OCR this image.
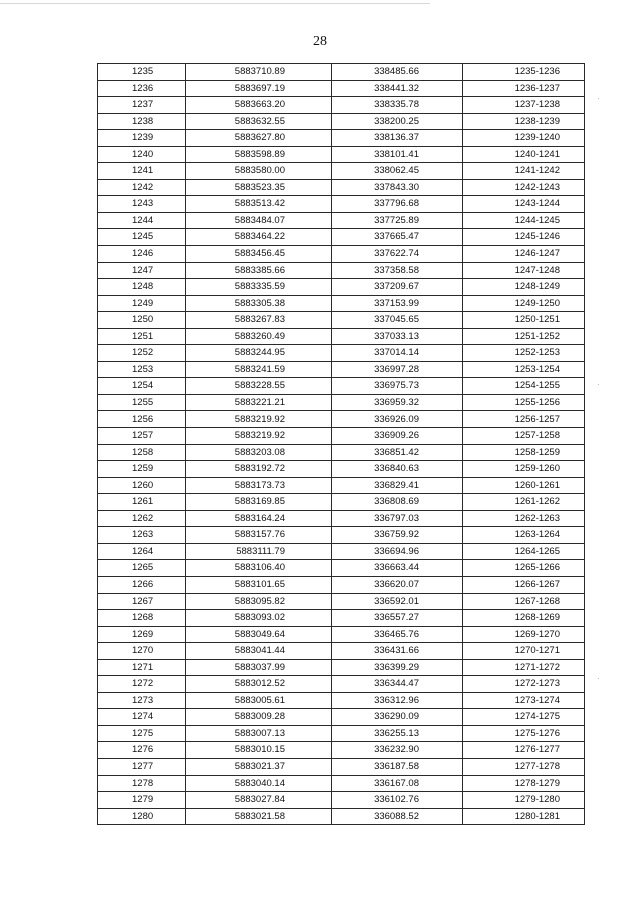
28
1235	5883710.89	338485.66	1235-1236
1236	5883697.19	338441.32	1236-1237
1237	5883663.20	338335.78	1237-1238
1238	5883632.55	338200.25	1238-1239
1239	5883627.80	338136.37	1239-1240
1240	5883598.89	338101.41	1240-1241
1241	5883580.00	338062.45	1241-1242
1242	5883523.35	337843.30	1242-1243
1243	5883513.42	337796.68	1243-1244
1244	5883484.07	337725.89	1244-1245
1245	5883464.22	337665.47	1245-1246
1246	5883456.45	337622.74	1246-1247
1247	5883385.66	337358.58	1247-1248
1248	5883335.59	337209.67	1248-1249
1249	5883305.38	337153.99	1249-1250
1250	5883267.83	337045.65	1250-1251
1251	5883260.49	337033.13	1251-1252
1252	5883244.95	337014.14	1252-1253
1253	5883241.59	336997.28	1253-1254
1254	5883228.55	336975.73	1254-1255
1255	5883221.21	336959.32	1255-1256
1256	5883219.92	336926.09	1256-1257
1257	5883219.92	336909.26	1257-1258
1258	5883203.08	336851.42	1258-1259
1259	5883192.72	336840.63	1259-1260
1260	5883173.73	336829.41	1260-1261
1261	5883169.85	336808.69	1261-1262
1262	5883164.24	336797.03	1262-1263
1263	5883157.76	336759.92	1263-1264
1264	5883111.79	336694.96	1264-1265
1265	5883106.40	336663.44	1265-1266
1266	5883101.65	336620.07	1266-1267
1267	5883095.82	336592.01	1267-1268
1268	5883093.02	336557.27	1268-1269
1269	5883049.64	336465.76	1269-1270
1270	5883041.44	336431.66	1270-1271
1271	5883037.99	336399.29	1271-1272
1272	5883012.52	336344.47	1272-1273
1273	5883005.61	336312.96	1273-1274
1274	5883009.28	336290.09	1274-1275
1275	5883007.13	336255.13	1275-1276
1276	5883010.15	336232.90	1276-1277
1277	5883021.37	336187.58	1277-1278
1278	5883040.14	336167.08	1278-1279
1279	5883027.84	336102.76	1279-1280
1280	5883021.58	336088.52	1280-1281
